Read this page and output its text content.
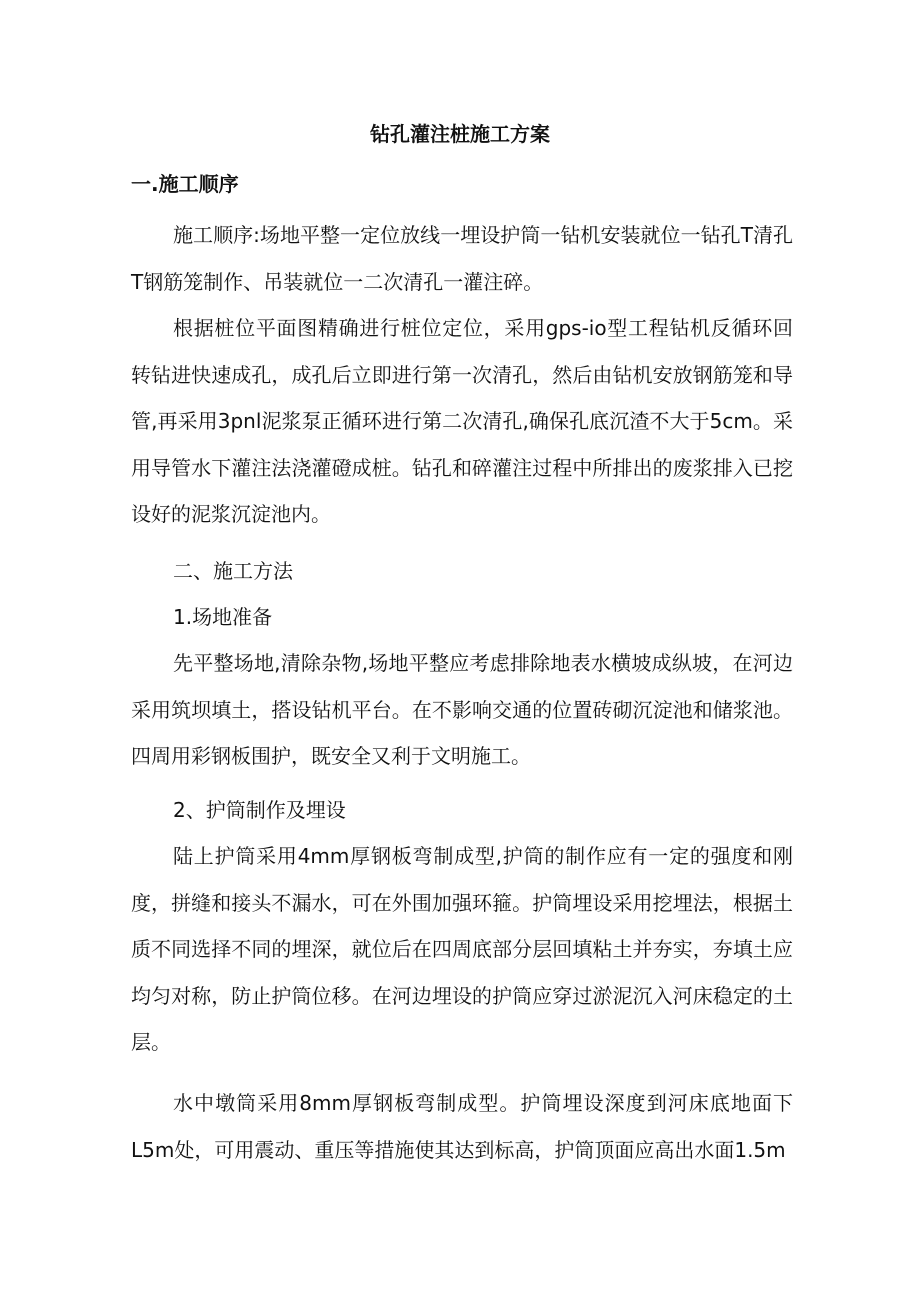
钻孔灌注桩施工方案
一.施工顺序

施工顺序:场地平整一定位放线一埋设护筒一钻机安装就位一钻孔T清孔T钢筋笼制作、吊装就位一二次清孔一灌注碎。

根据桩位平面图精确进行桩位定位，采用gps-io型工程钻机反循环回转钻进快速成孔，成孔后立即进行第一次清孔，然后由钻机安放钢筋笼和导管,再采用3pnl泥浆泵正循环进行第二次清孔,确保孔底沉渣不大于5cm。采用导管水下灌注法浇灌磴成桩。钻孔和碎灌注过程中所排出的废浆排入已挖设好的泥浆沉淀池内。

二、施工方法

1.场地准备

先平整场地,清除杂物,场地平整应考虑排除地表水横坡成纵坡，在河边采用筑坝填土，搭设钻机平台。在不影响交通的位置砖砌沉淀池和储浆池。四周用彩钢板围护，既安全又利于文明施工。

2、护筒制作及埋设

陆上护筒采用4mm厚钢板弯制成型,护筒的制作应有一定的强度和刚度，拼缝和接头不漏水，可在外围加强环箍。护筒埋设采用挖埋法，根据土质不同选择不同的埋深，就位后在四周底部分层回填粘土并夯实，夯填土应均匀对称，防止护筒位移。在河边埋设的护筒应穿过淤泥沉入河床稳定的土层。

水中墩筒采用8mm厚钢板弯制成型。护筒埋设深度到河床底地面下L5m处，可用震动、重压等措施使其达到标高，护筒顶面应高出水面1.5m
